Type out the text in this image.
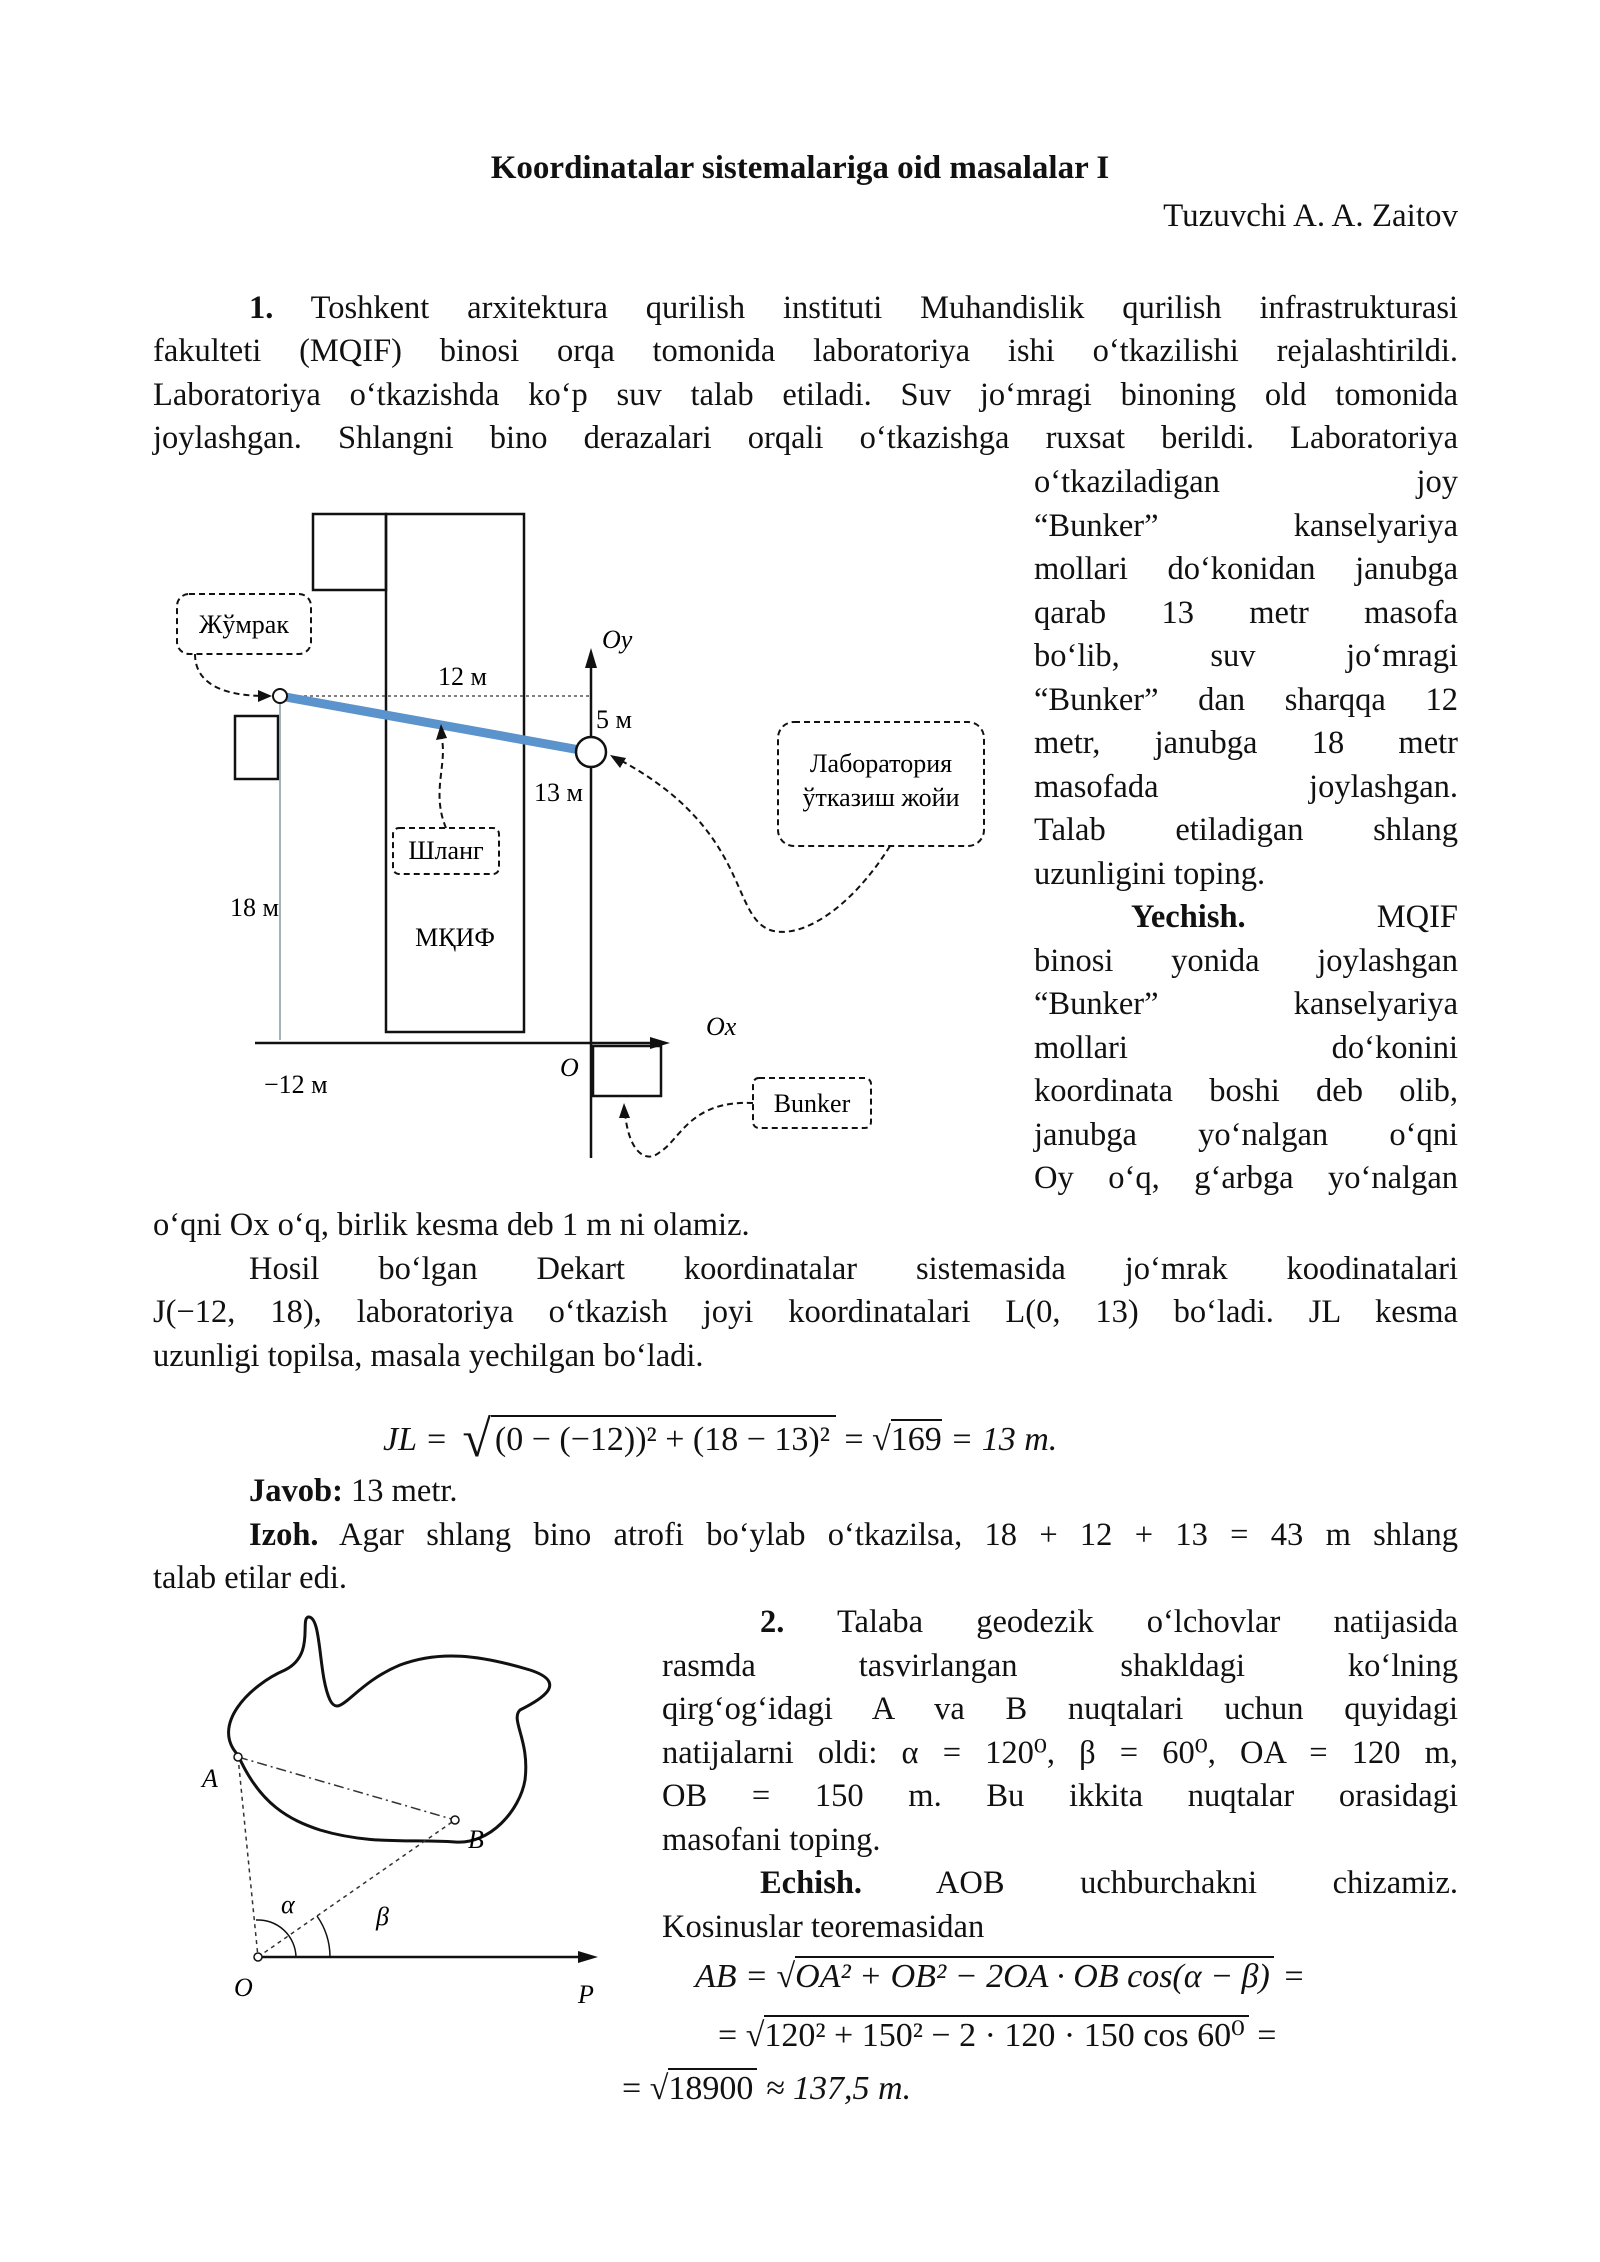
Koordinatalar sistemalariga oid masalalar I
Tuzuvchi A. A. Zaitov
1. Toshkent arxitektura qurilish instituti Muhandislik qurilish infrastrukturasi
fakulteti (MQIF) binosi orqa tomonida laboratoriya ishi o‘tkazilishi rejalashtirildi.
Laboratoriya o‘tkazishda ko‘p suv talab etiladi. Suv jo‘mragi binoning old tomonida
joylashgan. Shlangni bino derazalari orqali o‘tkazishga ruxsat berildi. Laboratoriya
o‘tkaziladigan joy
“Bunker” kanselyariya
mollari do‘konidan janubga
qarab 13 metr masofa
bo‘lib, suv jo‘mragi
“Bunker” dan sharqqa 12
metr, janubga 18 metr
masofada joylashgan.
Talab etiladigan shlang
uzunligini toping.
Yechish. MQIF
binosi yonida joylashgan
“Bunker” kanselyariya
mollari do‘konini
koordinata boshi deb olib,
janubga yo‘nalgan o‘qni
Oy o‘q, g‘arbga yo‘nalgan
Жўмрак
Шланг
Лаборатория
ўтказиш жойи
Bunker
Oy
Ox
O
12 м
5 м
13 м
18 м
−12 м
МҚИФ
o‘qni Ox o‘q, birlik kesma deb 1 m ni olamiz.
Hosil bo‘lgan Dekart koordinatalar sistemasida jo‘mrak koodinatalari
J(−12, 18), laboratoriya o‘tkazish joyi koordinatalari L(0, 13) bo‘ladi. JL kesma
uzunligi topilsa, masala yechilgan bo‘ladi.
JL = √ (0 − (−12))² + (18 − 13)² = √169 = 13 m.
Javob: 13 metr.
Izoh. Agar shlang bino atrofi bo‘ylab o‘tkazilsa, 18 + 12 + 13 = 43 m shlang
talab etilar edi.
2. Talaba geodezik o‘lchovlar natijasida
rasmda tasvirlangan shakldagi ko‘lning
qirg‘og‘idagi A va B nuqtalari uchun quyidagi
natijalarni oldi: α = 120⁰, β = 60⁰, OA = 120 m,
OB = 150 m. Bu ikkita nuqtalar orasidagi
masofani toping.
Echish. AOB uchburchakni chizamiz.
Kosinuslar teoremasidan
AB = √OA² + OB² − 2OA · OB cos(α − β) =
= √120² + 150² − 2 · 120 · 150 cos 60⁰ =
= √18900 ≈ 137,5 m.
A
B
O	P
α	β
